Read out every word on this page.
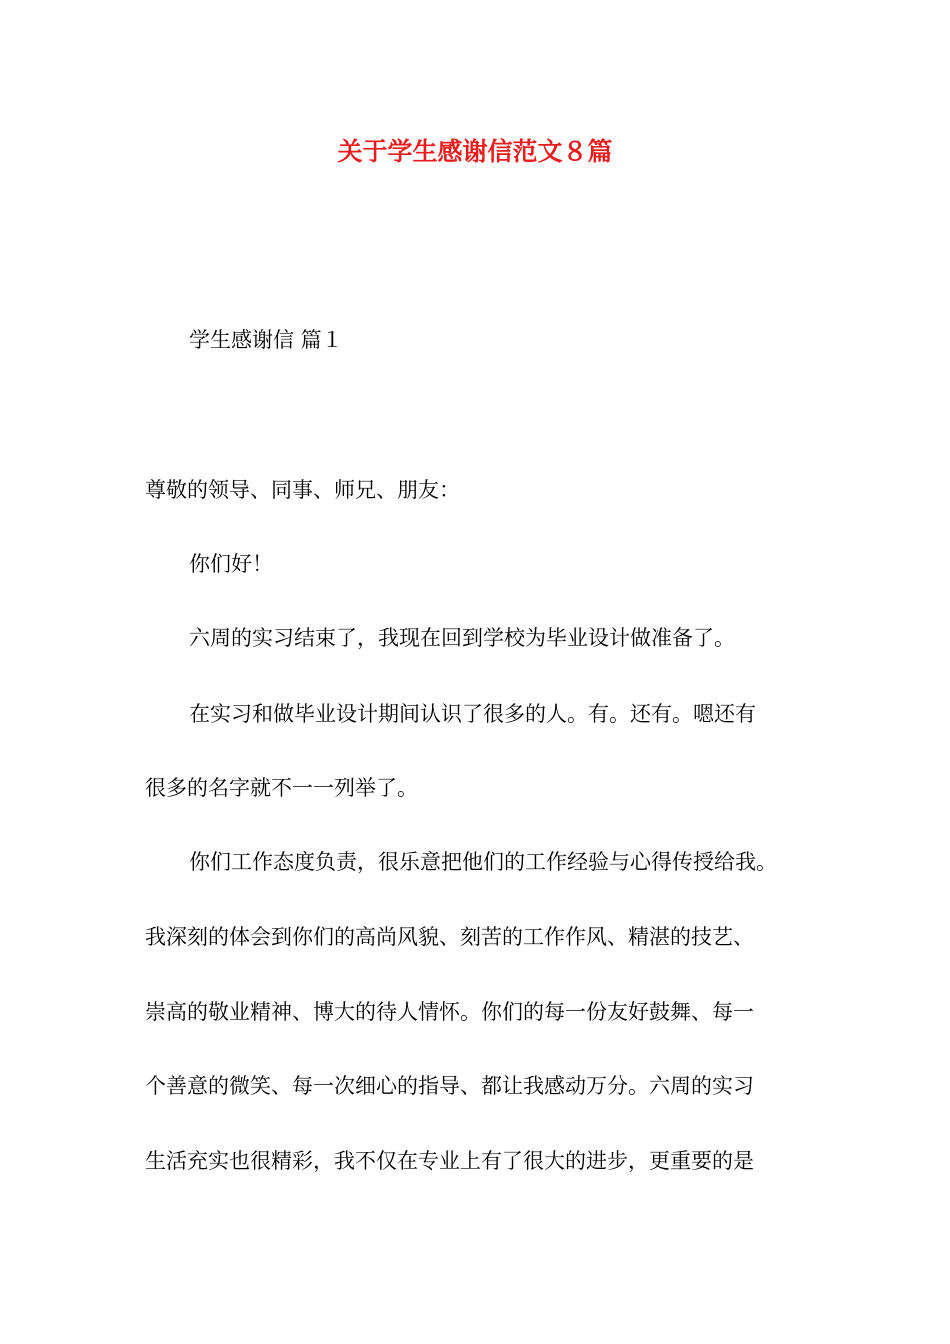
关于学生感谢信范文８篇
学生感谢信 篇１
尊敬的领导、同事、师兄、朋友：
你们好！
六周的实习结束了，我现在回到学校为毕业设计做准备了。
在实习和做毕业设计期间认识了很多的人。有。还有。嗯还有
很多的名字就不一一列举了。
你们工作态度负责，很乐意把他们的工作经验与心得传授给我。
我深刻的体会到你们的高尚风貌、刻苦的工作作风、精湛的技艺、
崇高的敬业精神、博大的待人情怀。你们的每一份友好鼓舞、每一
个善意的微笑、每一次细心的指导、都让我感动万分。六周的实习
生活充实也很精彩，我不仅在专业上有了很大的进步，更重要的是
